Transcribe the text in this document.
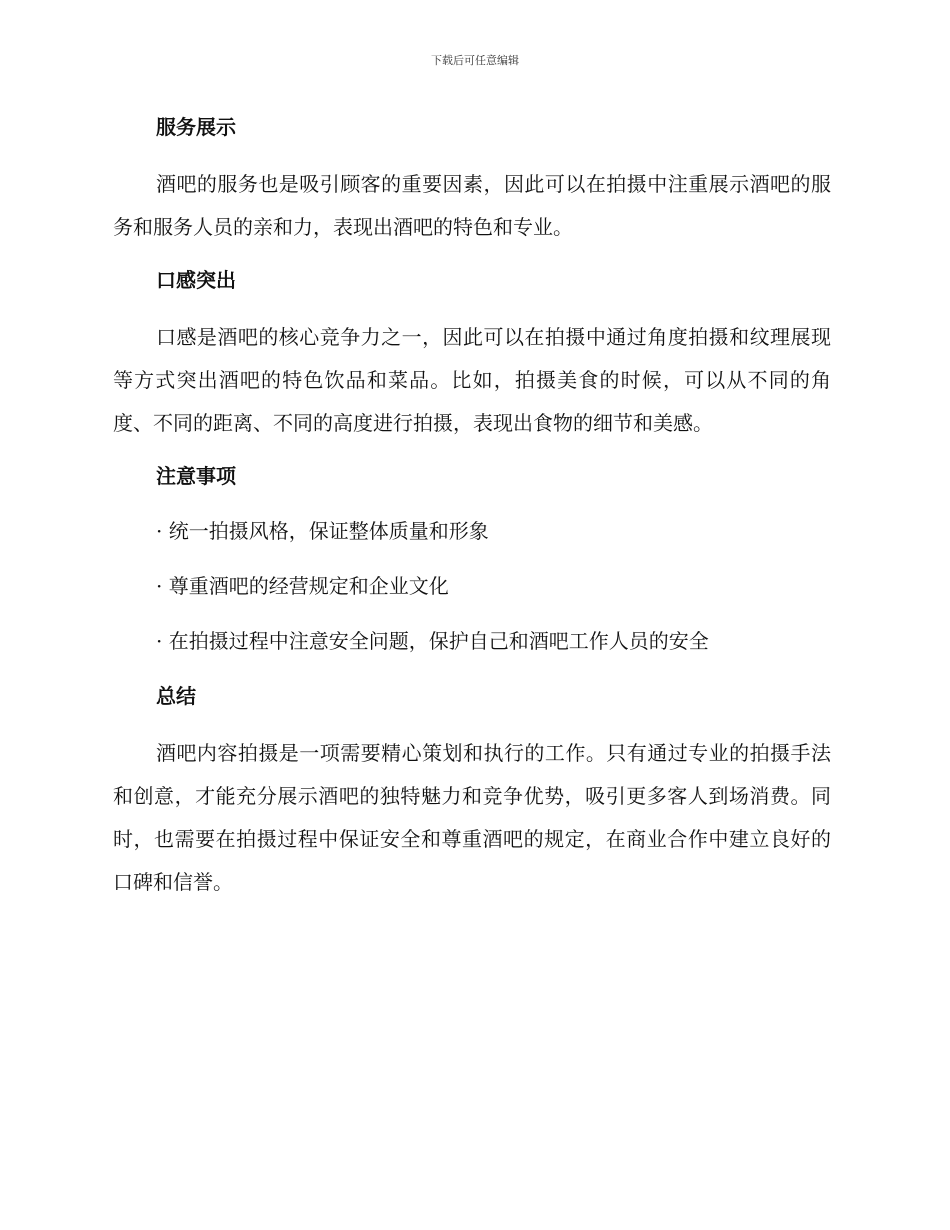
下载后可任意编辑
服务展示

酒吧的服务也是吸引顾客的重要因素，因此可以在拍摄中注重展示酒吧的服务和服务人员的亲和力，表现出酒吧的特色和专业。

口感突出

口感是酒吧的核心竞争力之一，因此可以在拍摄中通过角度拍摄和纹理展现等方式突出酒吧的特色饮品和菜品。比如，拍摄美食的时候，可以从不同的角度、不同的距离、不同的高度进行拍摄，表现出食物的细节和美感。

注意事项

· 统一拍摄风格，保证整体质量和形象

· 尊重酒吧的经营规定和企业文化

· 在拍摄过程中注意安全问题，保护自己和酒吧工作人员的安全

总结

酒吧内容拍摄是一项需要精心策划和执行的工作。只有通过专业的拍摄手法和创意，才能充分展示酒吧的独特魅力和竞争优势，吸引更多客人到场消费。同时，也需要在拍摄过程中保证安全和尊重酒吧的规定，在商业合作中建立良好的口碑和信誉。
